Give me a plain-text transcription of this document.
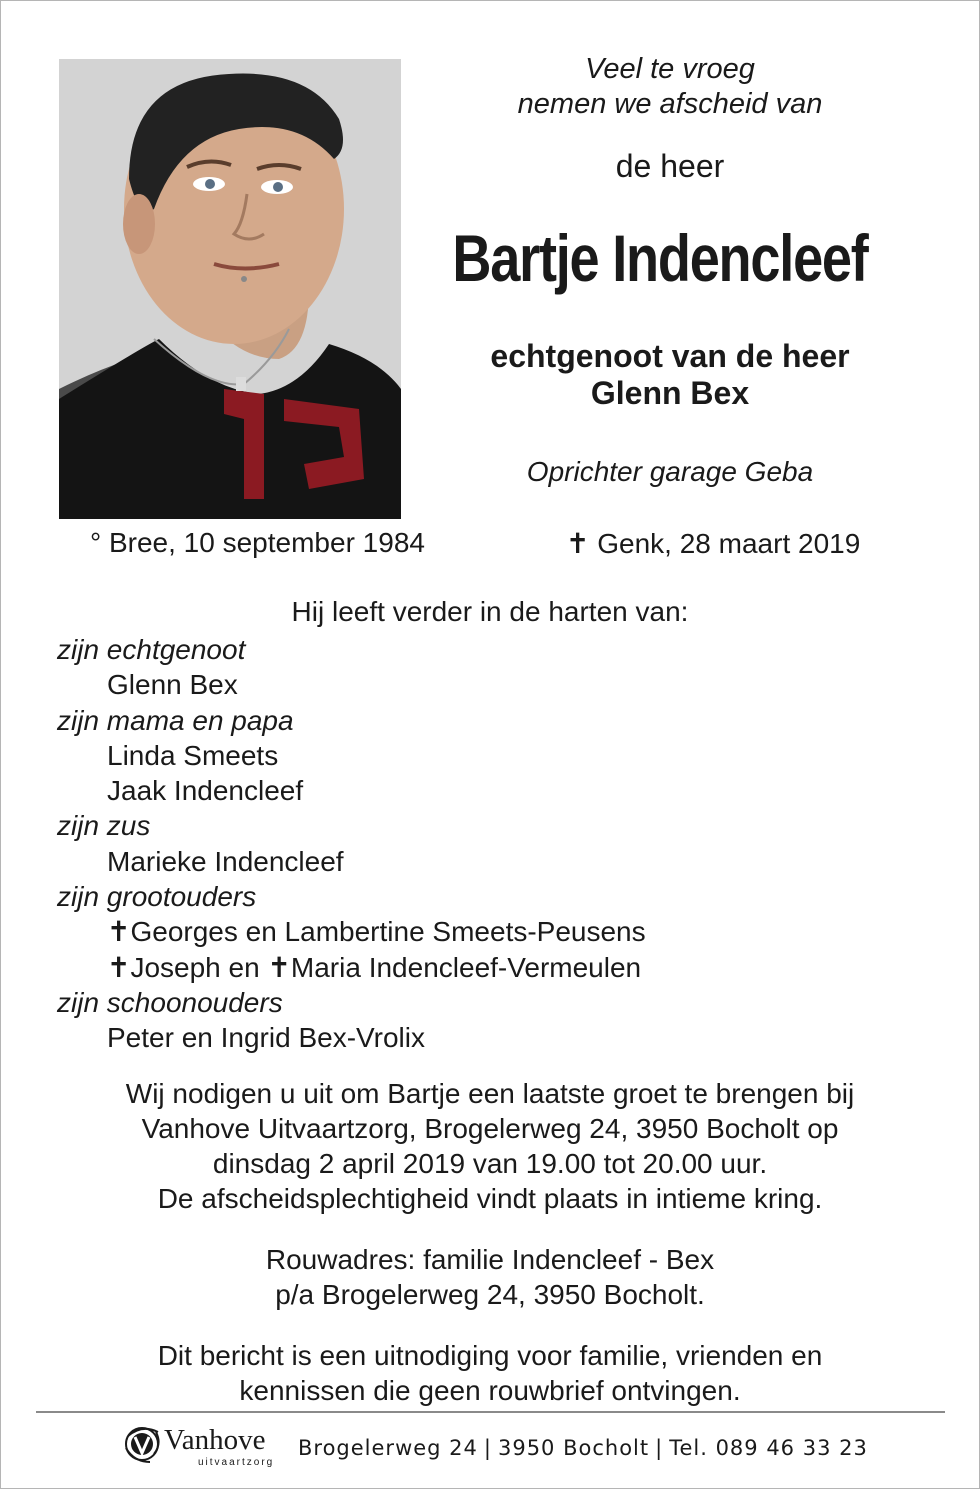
Veel te vroeg
nemen we afscheid van
de heer
Bartje Indencleef
echtgenoot van de heer
Glenn Bex
Oprichter garage Geba
° Bree, 10 september 1984	✝ Genk, 28 maart 2019
Hij leeft verder in de harten van:
zijn echtgenoot
Glenn Bex
zijn mama en papa
Linda Smeets
Jaak Indencleef
zijn zus
Marieke Indencleef
zijn grootouders
✝Georges en Lambertine Smeets-Peusens
✝Joseph en ✝Maria Indencleef-Vermeulen
zijn schoonouders
Peter en Ingrid Bex-Vrolix
Wij nodigen u uit om Bartje een laatste groet te brengen bij
Vanhove Uitvaartzorg, Brogelerweg 24, 3950 Bocholt op
dinsdag 2 april 2019 van 19.00 tot 20.00 uur.
De afscheidsplechtigheid vindt plaats in intieme kring.
Rouwadres: familie Indencleef - Bex
p/a Brogelerweg 24, 3950 Bocholt.
Dit bericht is een uitnodiging voor familie, vrienden en
kennissen die geen rouwbrief ontvingen.
Vanhove
uitvaartzorg
Brogelerweg 24 | 3950 Bocholt | Tel. 089 46 33 23
